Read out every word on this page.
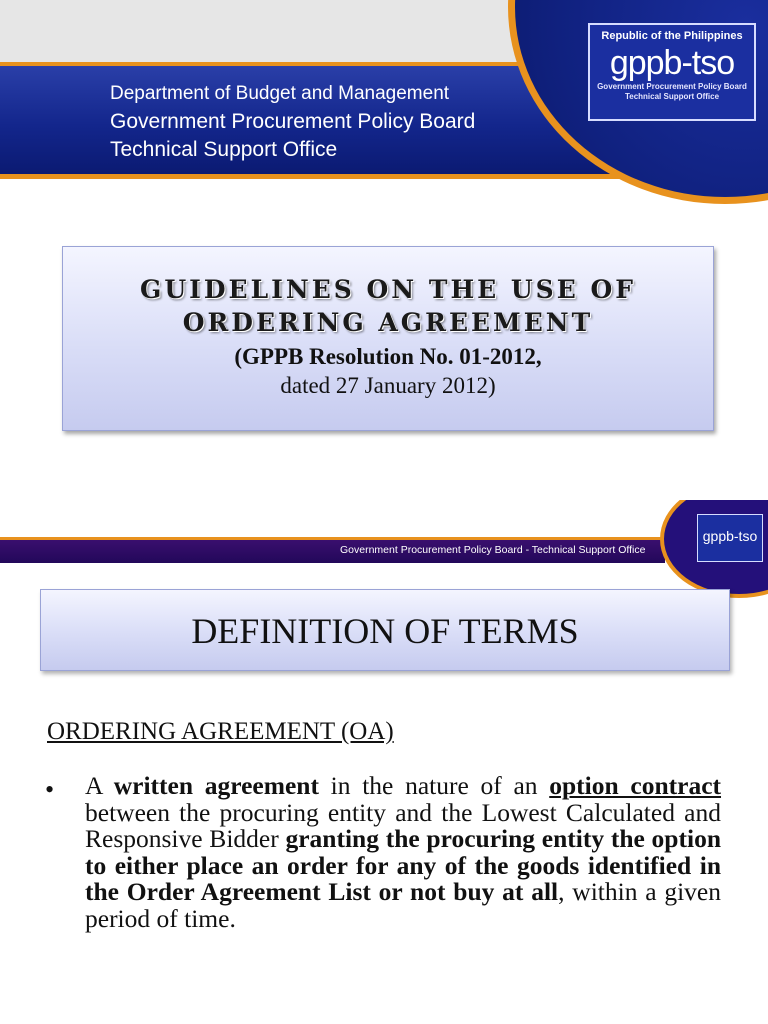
Department of Budget and Management
Government Procurement Policy Board
Technical Support Office
Republic of the Philippines
gppb-tso
Government Procurement Policy Board
Technical Support Office
GUIDELINES ON THE USE OF
ORDERING AGREEMENT
(GPPB Resolution No. 01-2012,
dated 27 January 2012)
Government Procurement Policy Board - Technical Support Office
gppb-tso
DEFINITION OF TERMS
ORDERING AGREEMENT (OA)
• A written agreement in the nature of an option contract between the procuring entity and the Lowest Calculated and Responsive Bidder granting the procuring entity the option to either place an order for any of the goods identified in the Order Agreement List or not buy at all, within a given period of time.
